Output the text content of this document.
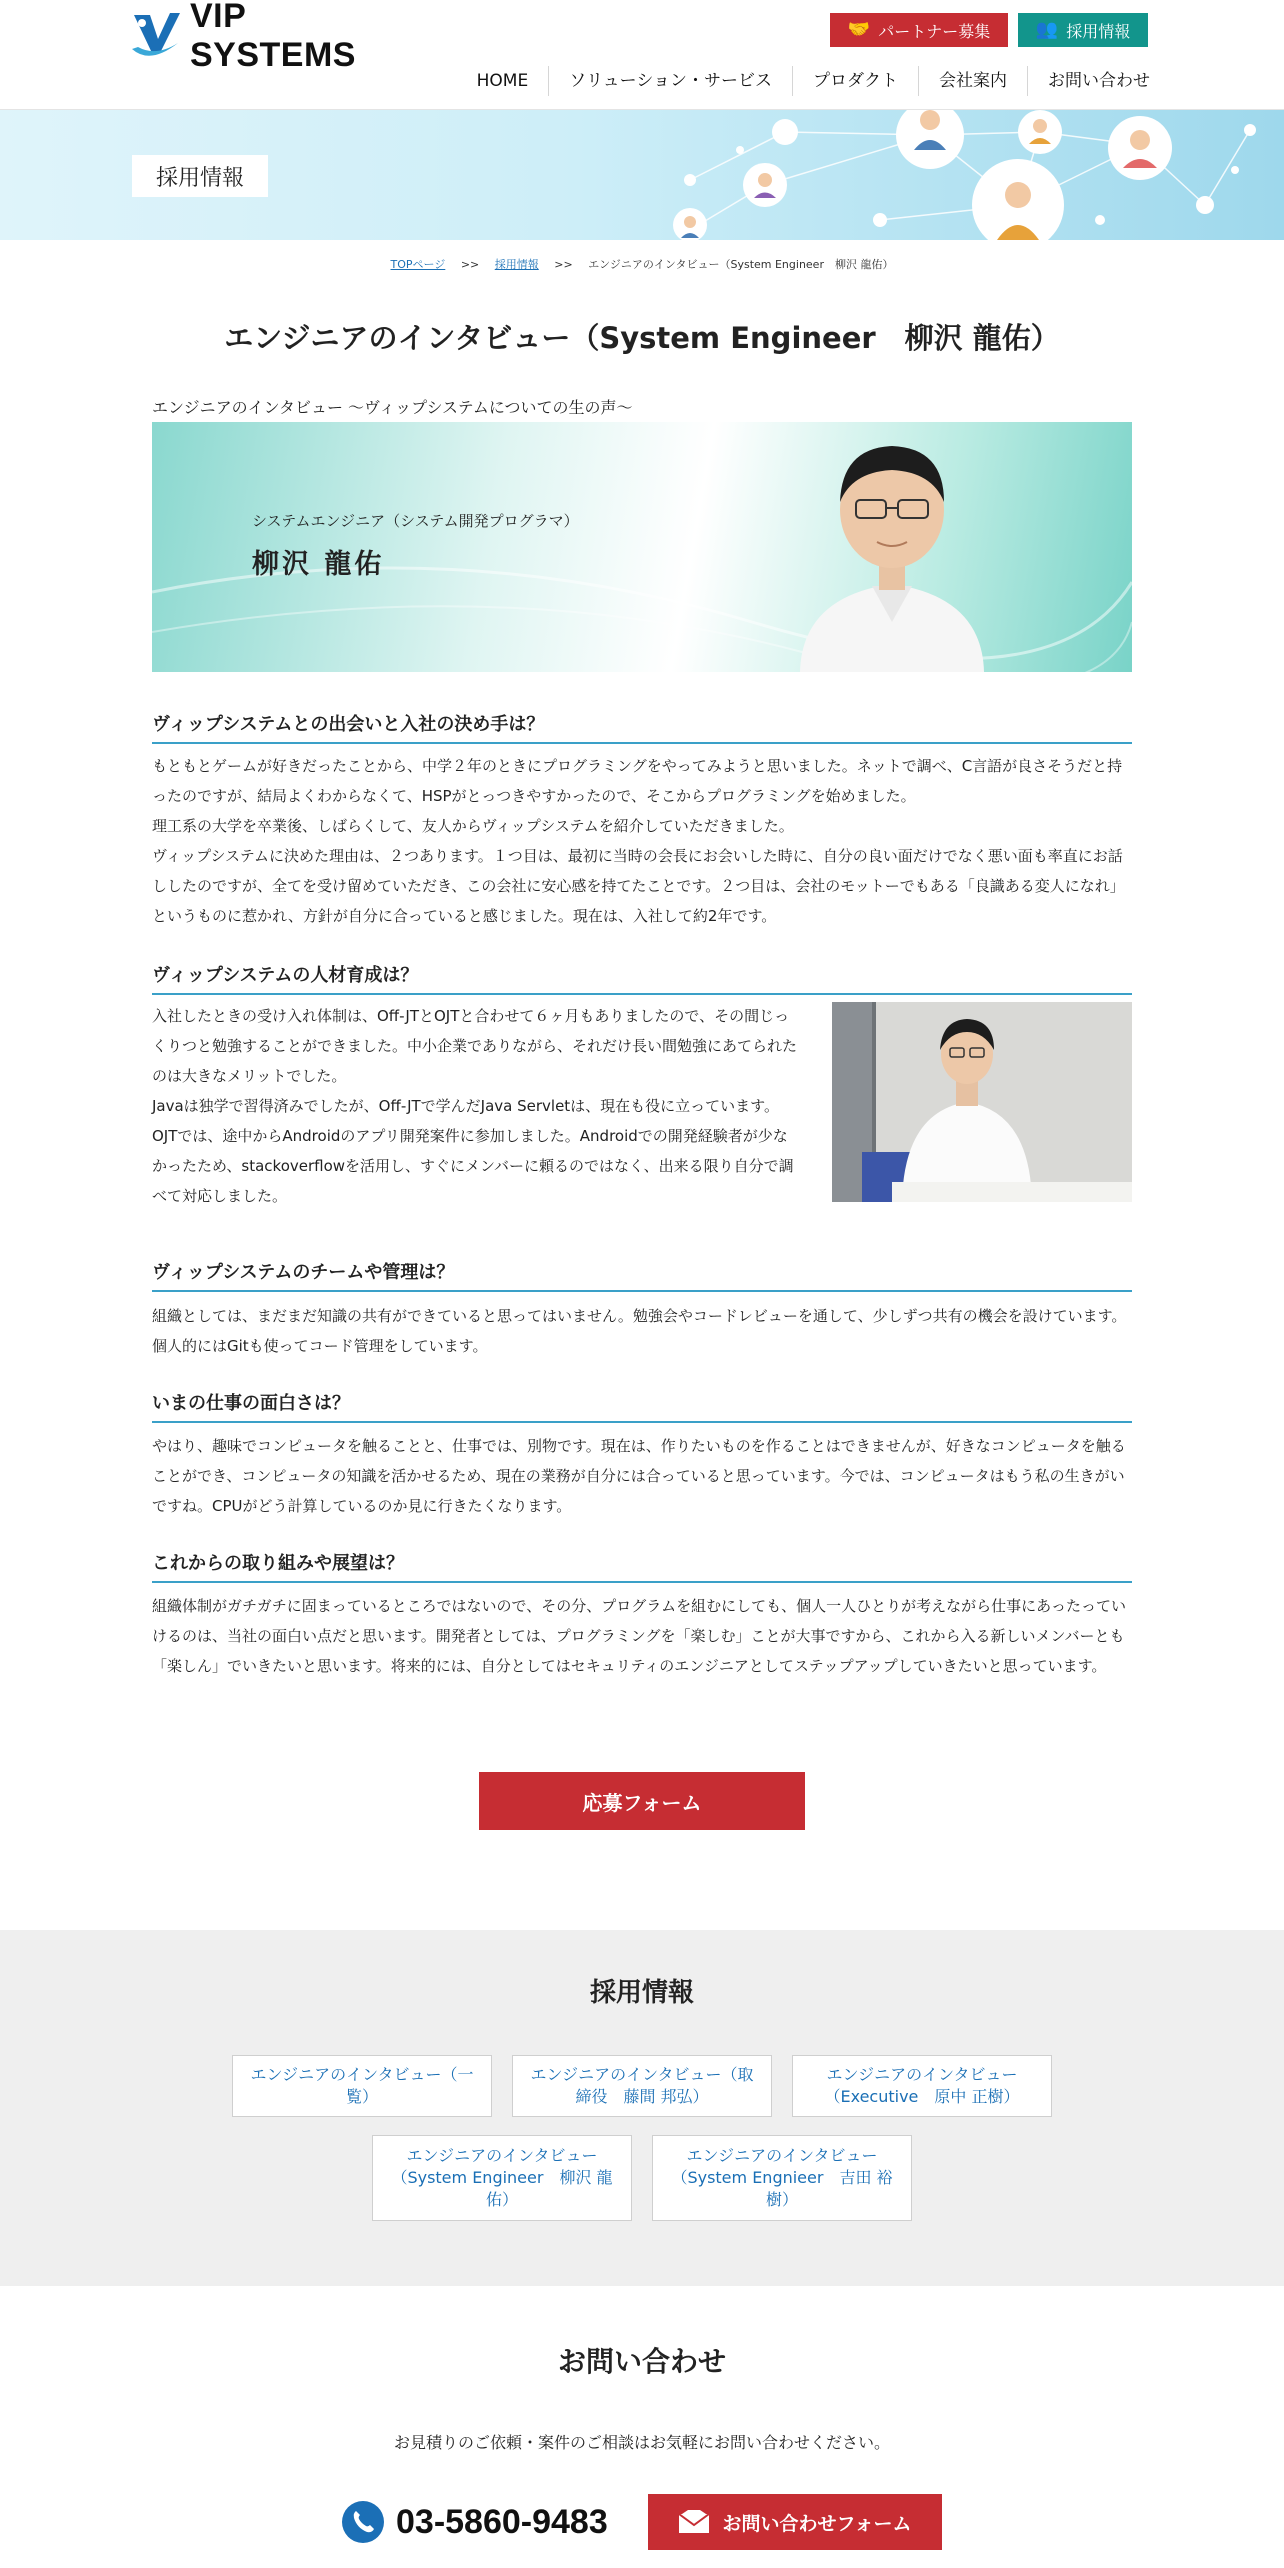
VIP SYSTEMS
🤝 パートナー募集	👥 採用情報
HOME	ソリューション・サービス	プロダクト	会社案内	お問い合わせ
採用情報
TOPページ >> 採用情報 >> エンジニアのインタビュー（System Engineer　柳沢 龍佑）
エンジニアのインタビュー（System Engineer　柳沢 龍佑）
エンジニアのインタビュー 〜ヴィップシステムについての生の声〜
システムエンジニア（システム開発プログラマ）
柳沢 龍佑
ヴィップシステムとの出会いと入社の決め手は？

もともとゲームが好きだったことから、中学２年のときにプログラミングをやってみようと思いました。ネットで調べ、C言語が良さそうだと持ったのですが、結局よくわからなくて、HSPがとっつきやすかったので、そこからプログラミングを始めました。

理工系の大学を卒業後、しばらくして、友人からヴィップシステムを紹介していただきました。

ヴィップシステムに決めた理由は、２つあります。１つ目は、最初に当時の会長にお会いした時に、自分の良い面だけでなく悪い面も率直にお話ししたのですが、全てを受け留めていただき、この会社に安心感を持てたことです。２つ目は、会社のモットーでもある「良識ある変人になれ」というものに惹かれ、方針が自分に合っていると感じました。現在は、入社して約2年です。

ヴィップシステムの人材育成は？

入社したときの受け入れ体制は、Off-JTとOJTと合わせて６ヶ月もありましたので、その間じっくりつと勉強することができました。中小企業でありながら、それだけ長い間勉強にあてられたのは大きなメリットでした。

Javaは独学で習得済みでしたが、Off-JTで学んだJava Servletは、現在も役に立っています。OJTでは、途中からAndroidのアプリ開発案件に参加しました。Androidでの開発経験者が少なかったため、stackoverflowを活用し、すぐにメンバーに頼るのではなく、出来る限り自分で調べて対応しました。

ヴィップシステムのチームや管理は？

組織としては、まだまだ知識の共有ができていると思ってはいません。勉強会やコードレビューを通して、少しずつ共有の機会を設けています。個人的にはGitも使ってコード管理をしています。

いまの仕事の面白さは？

やはり、趣味でコンピュータを触ることと、仕事では、別物です。現在は、作りたいものを作ることはできませんが、好きなコンピュータを触ることができ、コンピュータの知識を活かせるため、現在の業務が自分には合っていると思っています。今では、コンピュータはもう私の生きがいですね。CPUがどう計算しているのか見に行きたくなります。

これからの取り組みや展望は？

組織体制がガチガチに固まっているところではないので、その分、プログラムを組むにしても、個人一人ひとりが考えながら仕事にあったっていけるのは、当社の面白い点だと思います。開発者としては、プログラミングを「楽しむ」ことが大事ですから、これから入る新しいメンバーとも「楽しん」でいきたいと思います。将来的には、自分としてはセキュリティのエンジニアとしてステップアップしていきたいと思っています。

応募フォーム
採用情報
エンジニアのインタビュー（一覧）
エンジニアのインタビュー（取締役　藤間 邦弘）
エンジニアのインタビュー（Executive　原中 正樹）
エンジニアのインタビュー（System Engineer　柳沢 龍佑）
エンジニアのインタビュー（System Engnieer　吉田 裕樹）
お問い合わせ
お見積りのご依頼・案件のご相談はお気軽にお問い合わせください。
03-5860-9483	お問い合わせフォーム
